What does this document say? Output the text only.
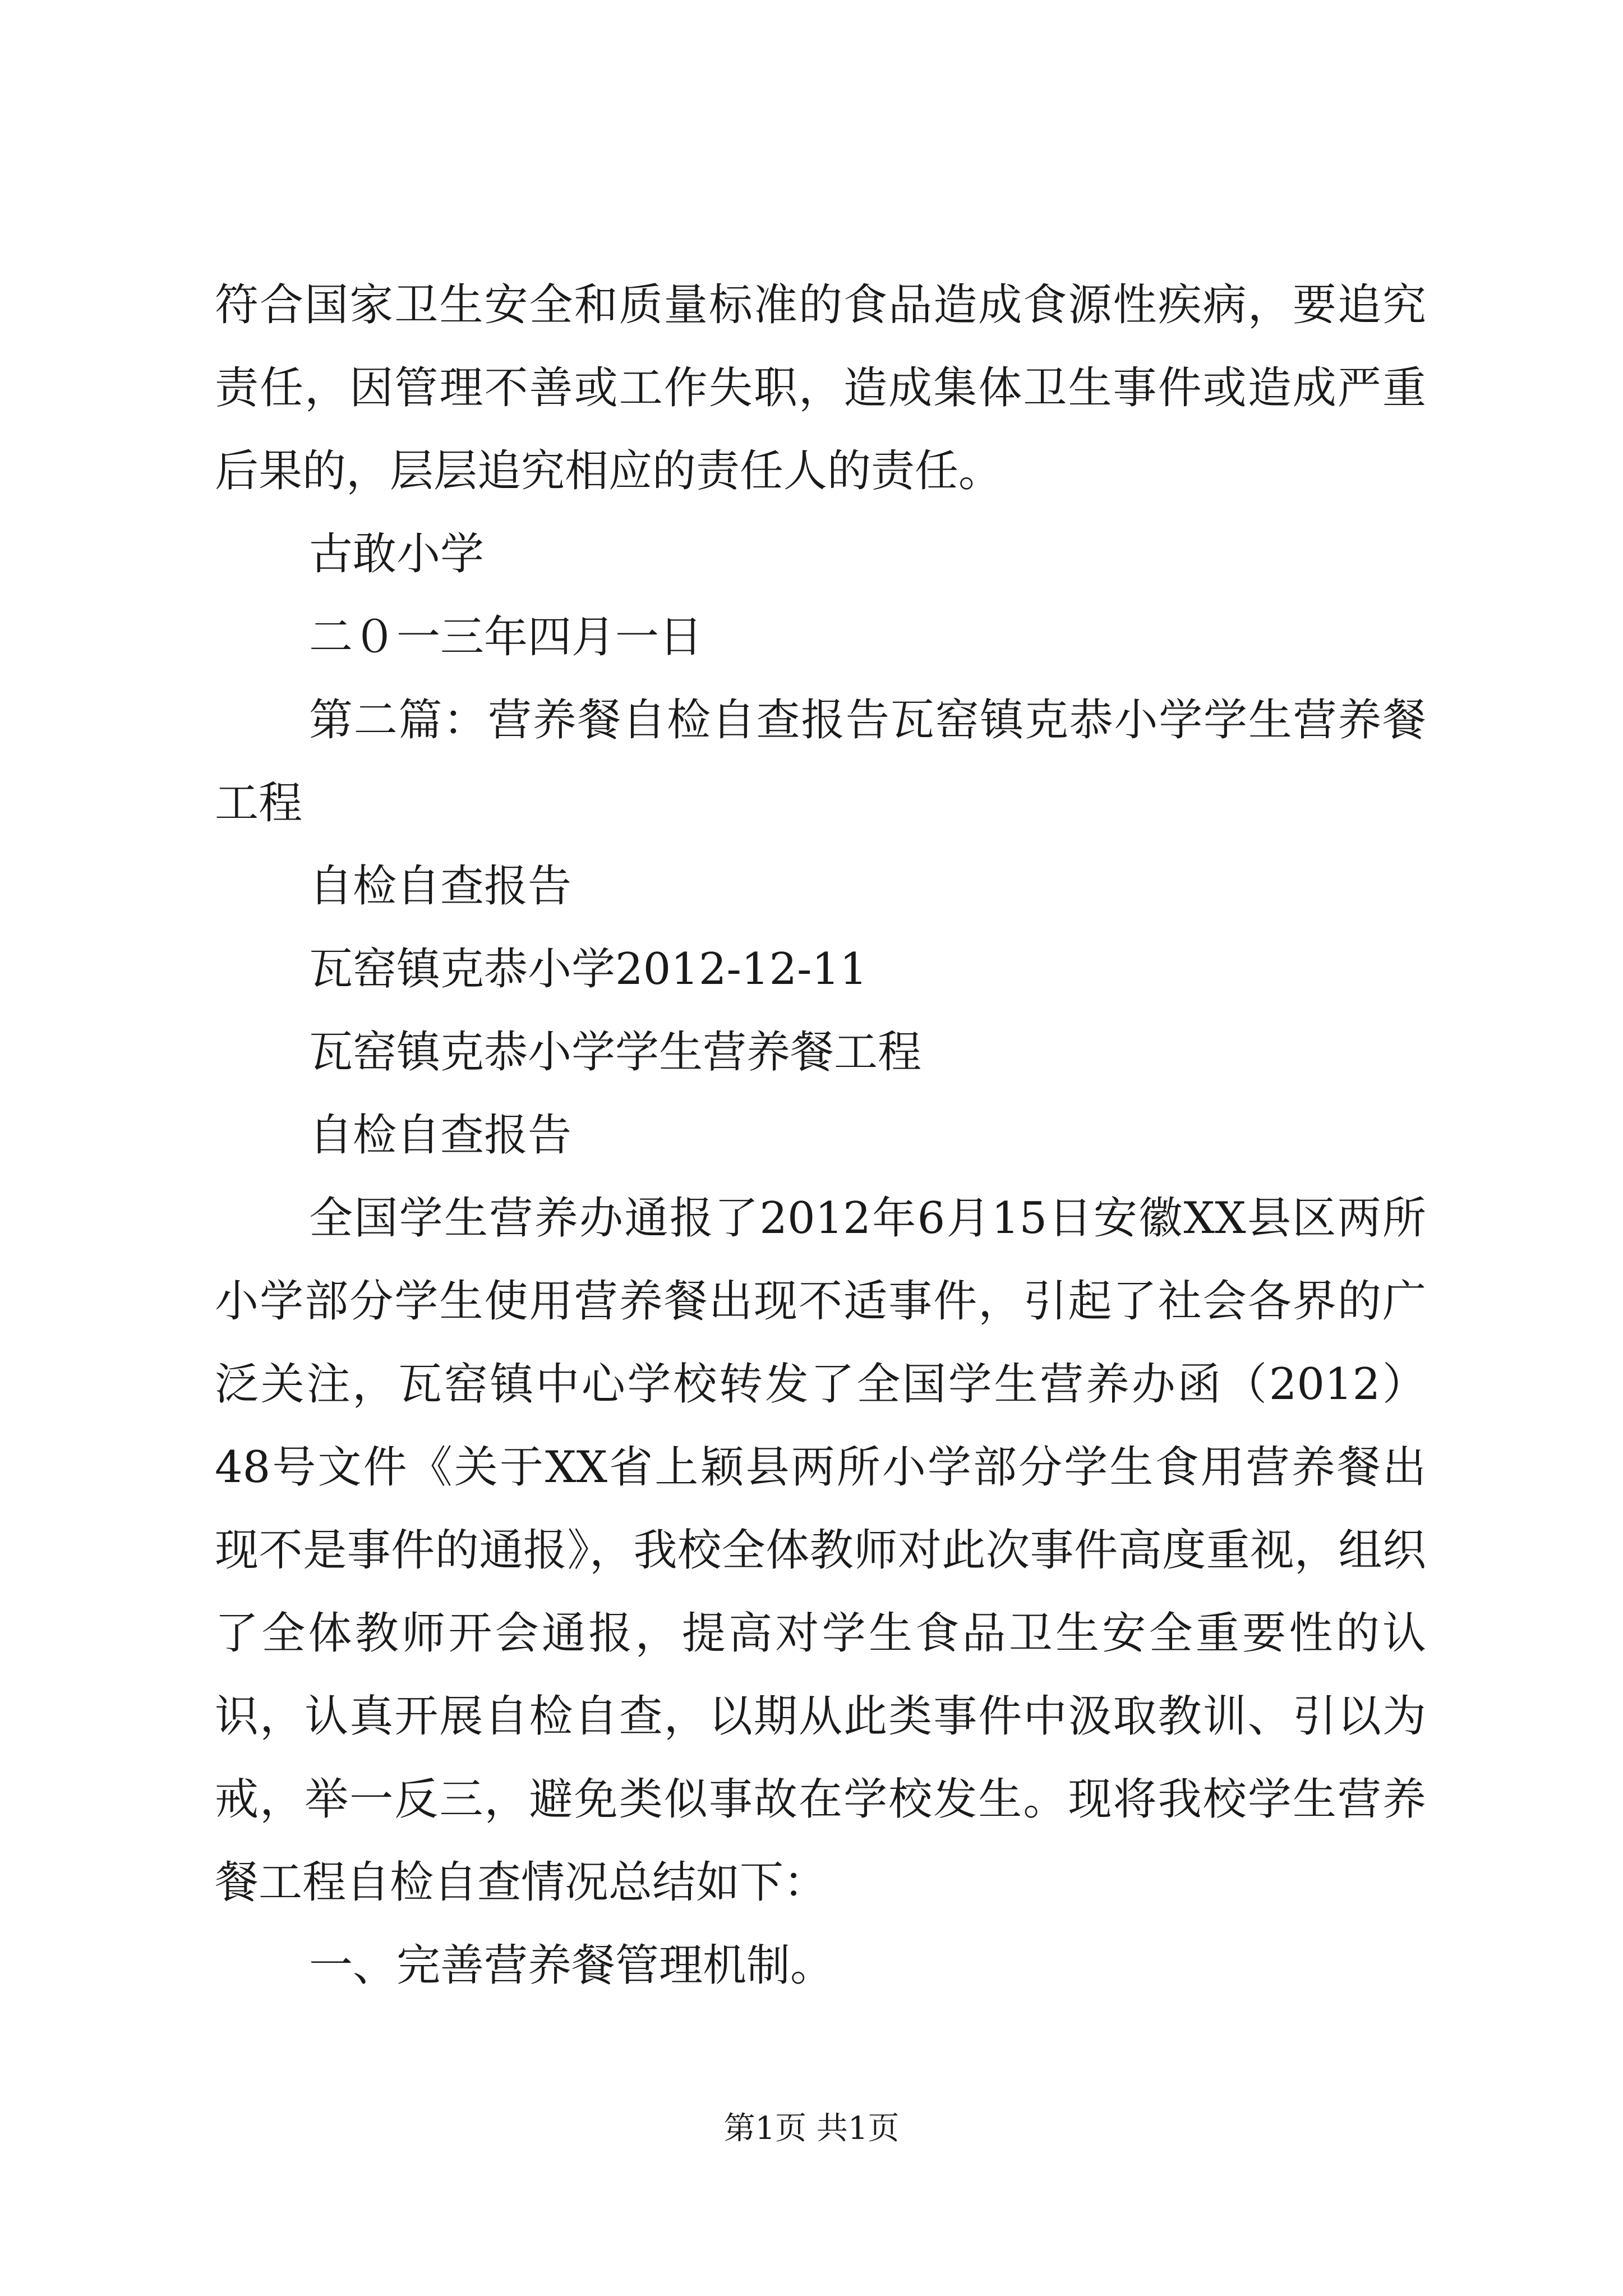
符合国家卫生安全和质量标准的食品造成食源性疾病，要追究责任，因管理不善或工作失职，造成集体卫生事件或造成严重后果的，层层追究相应的责任人的责任。

古敢小学

二０一三年四月一日

第二篇：营养餐自检自查报告瓦窑镇克恭小学学生营养餐工程

自检自查报告

瓦窑镇克恭小学2012-12-11

瓦窑镇克恭小学学生营养餐工程

自检自查报告

全国学生营养办通报了2012年6月15日安徽XX县区两所小学部分学生使用营养餐出现不适事件，引起了社会各界的广泛关注，瓦窑镇中心学校转发了全国学生营养办函（2012）48号文件《关于XX省上颖县两所小学部分学生食用营养餐出现不是事件的通报》，我校全体教师对此次事件高度重视，组织了全体教师开会通报，提高对学生食品卫生安全重要性的认识，认真开展自检自查，以期从此类事件中汲取教训、引以为戒，举一反三，避免类似事故在学校发生。现将我校学生营养餐工程自检自查情况总结如下：

一、完善营养餐管理机制。

第1页 共1页
